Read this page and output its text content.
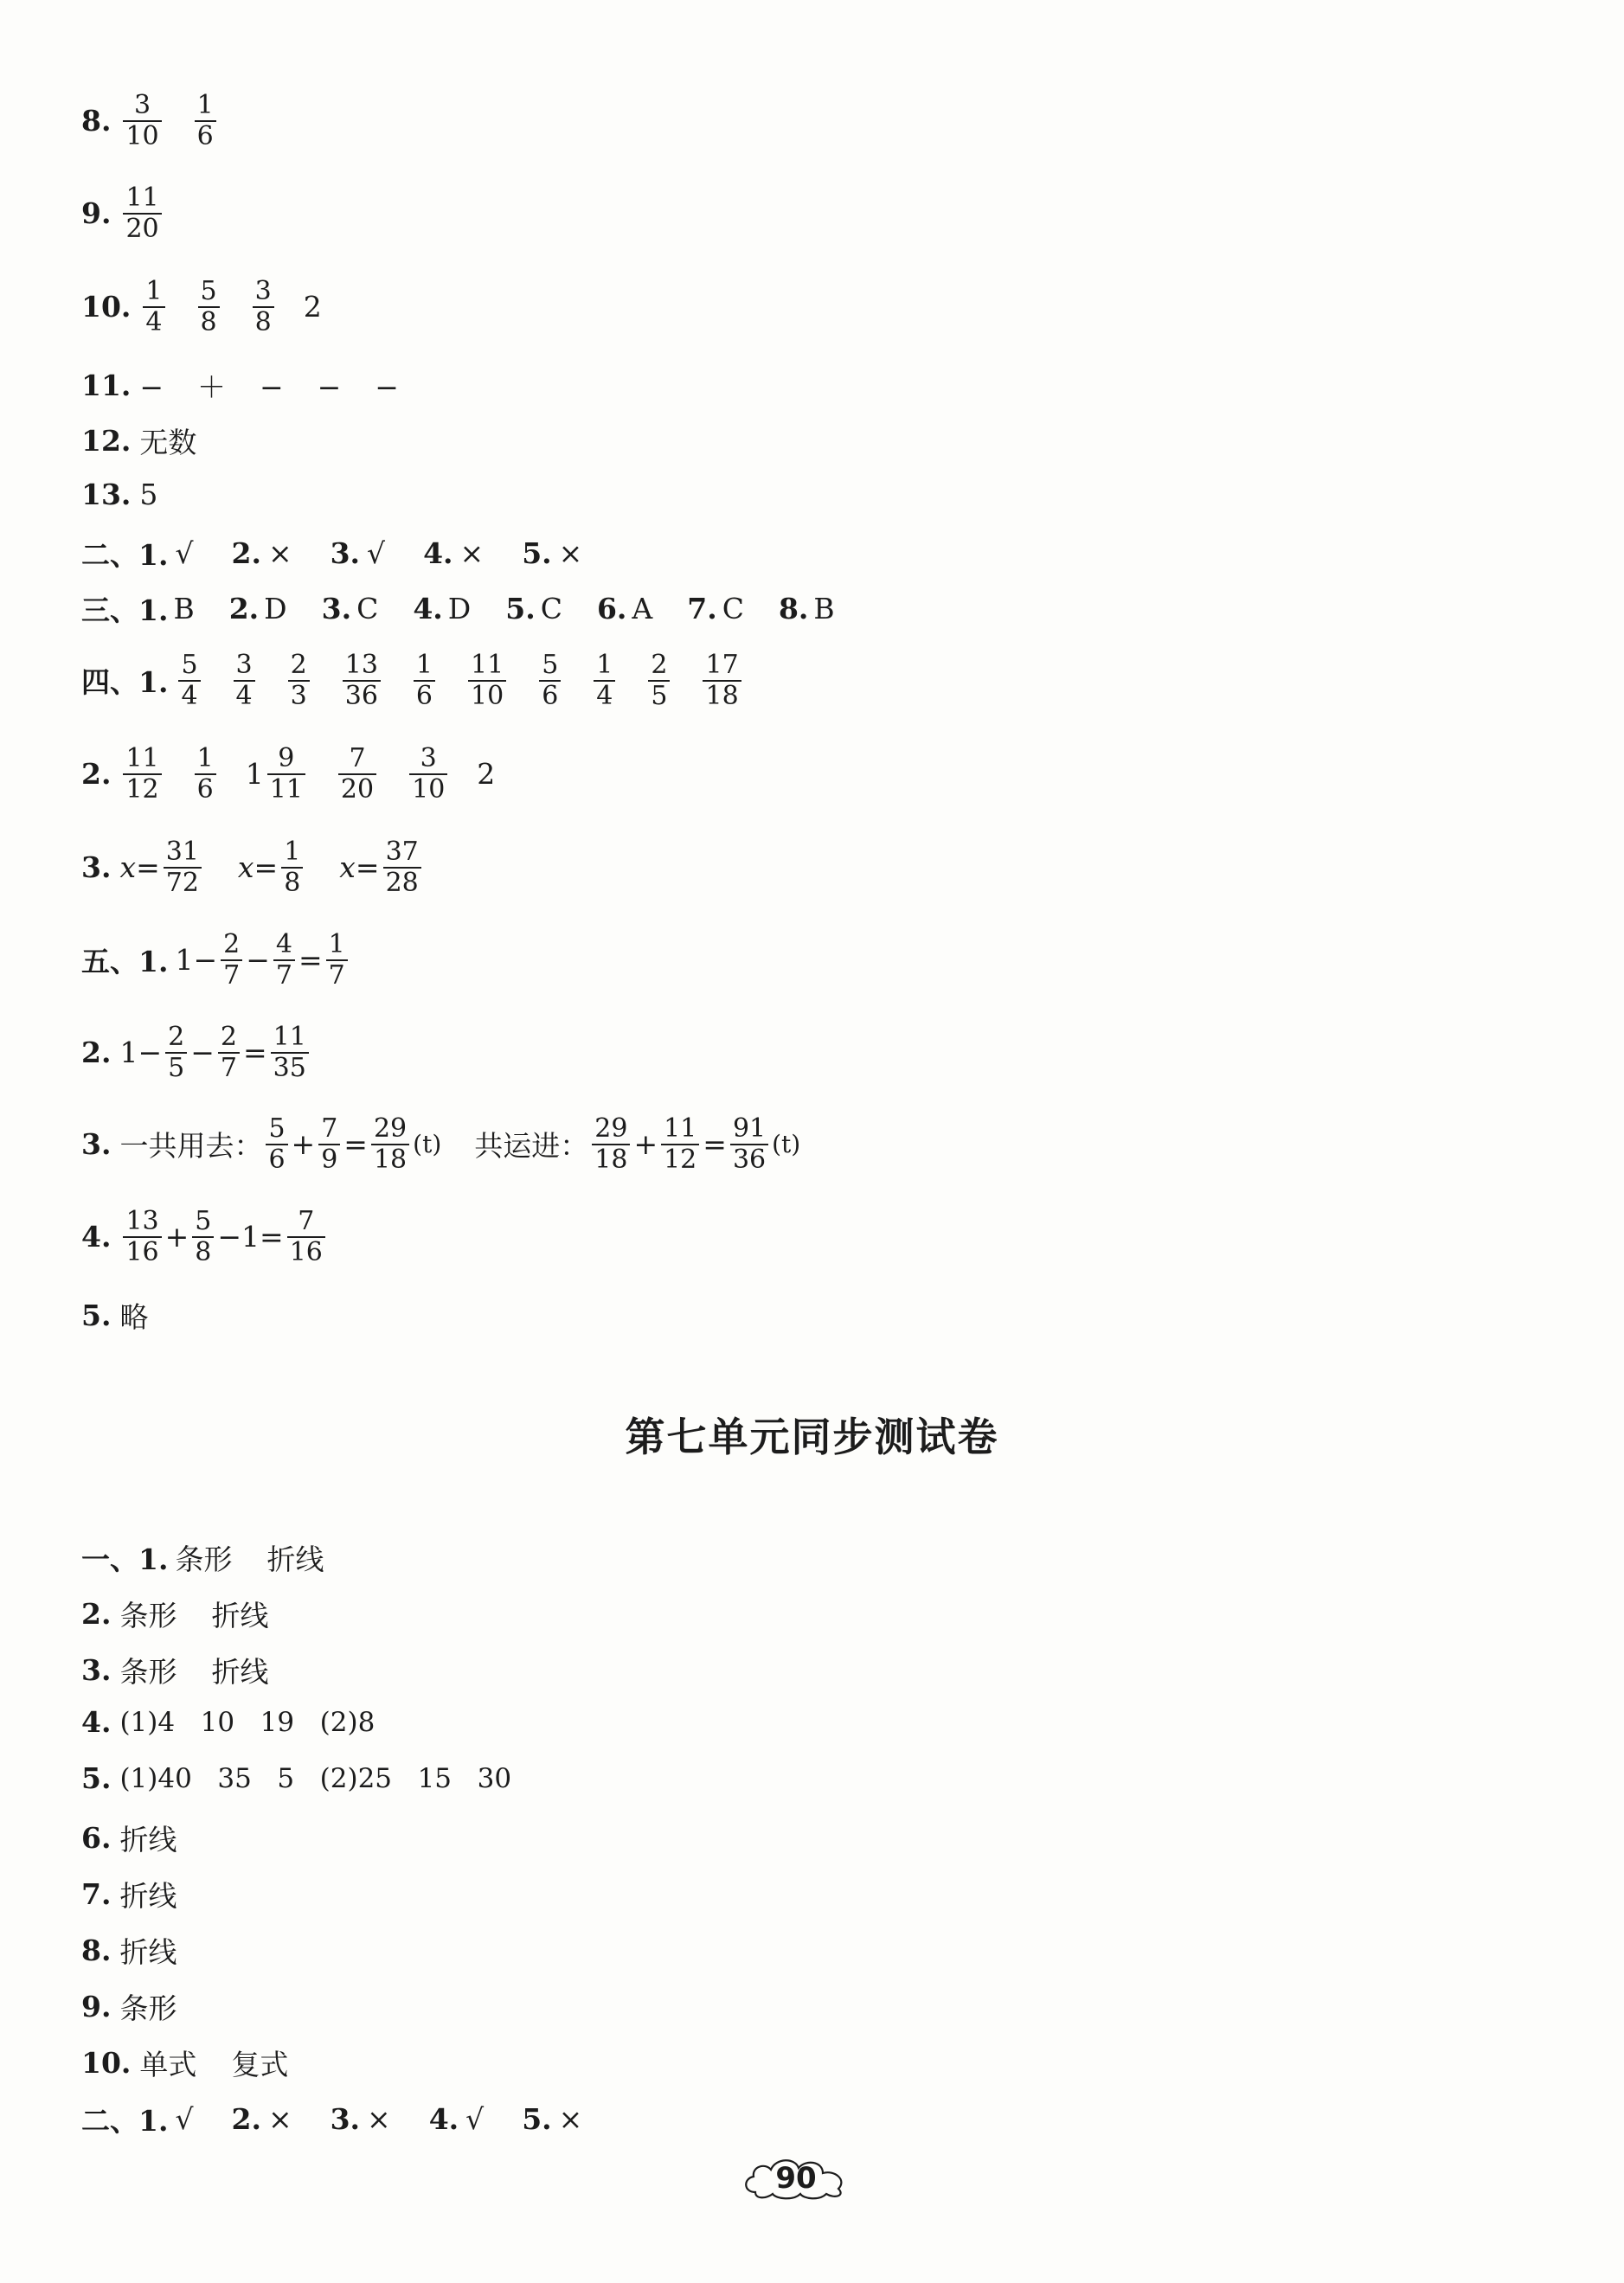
8. $\frac{3}{10} \frac{1}{6}$
9. $\frac{11}{20}$
10. $\frac{1}{4} \frac{5}{8} \frac{3}{8} 2$
11. −  ＋  −  −  −
12. 无数
13. 5
二、1. √ 2. × 3. √ 4. × 5. ×
三、1. B 2. D 3. C 4. D 5. C 6. A 7. C 8. B
四、1. $\frac{5}{4} \frac{3}{4} \frac{2}{3} \frac{13}{36} \frac{1}{6} \frac{11}{10} \frac{5}{6} \frac{1}{4} \frac{2}{5} \frac{17}{18}$
2. $\frac{11}{12} \frac{1}{6} 1 \frac{9}{11} \frac{7}{20} \frac{3}{10} 2$
3. $x = \frac{31}{72}$ $x = \frac{1}{8}$ $x = \frac{37}{28}$
五、1. $1 - \frac{2}{7} - \frac{4}{7} = \frac{1}{7}$
2. $1 - \frac{2}{5} - \frac{2}{7} = \frac{11}{35}$
3. 一共用去： $\frac{5}{6} + \frac{7}{9} = \frac{29}{18} (t)$ 共运进： $\frac{29}{18} + \frac{11}{12} = \frac{91}{36} (t)$
4. $\frac{13}{16} + \frac{5}{8} - 1 = \frac{7}{16}$
5. 略
第七单元同步测试卷
一、1. 条形 折线
2. 条形 折线
3. 条形 折线
4. (1)4   10   19   (2)8
5. (1)40   35   5   (2)25   15   30
6. 折线
7. 折线
8. 折线
9. 条形
10. 单式 复式
二、1. √ 2. × 3. × 4. √ 5. ×
90
